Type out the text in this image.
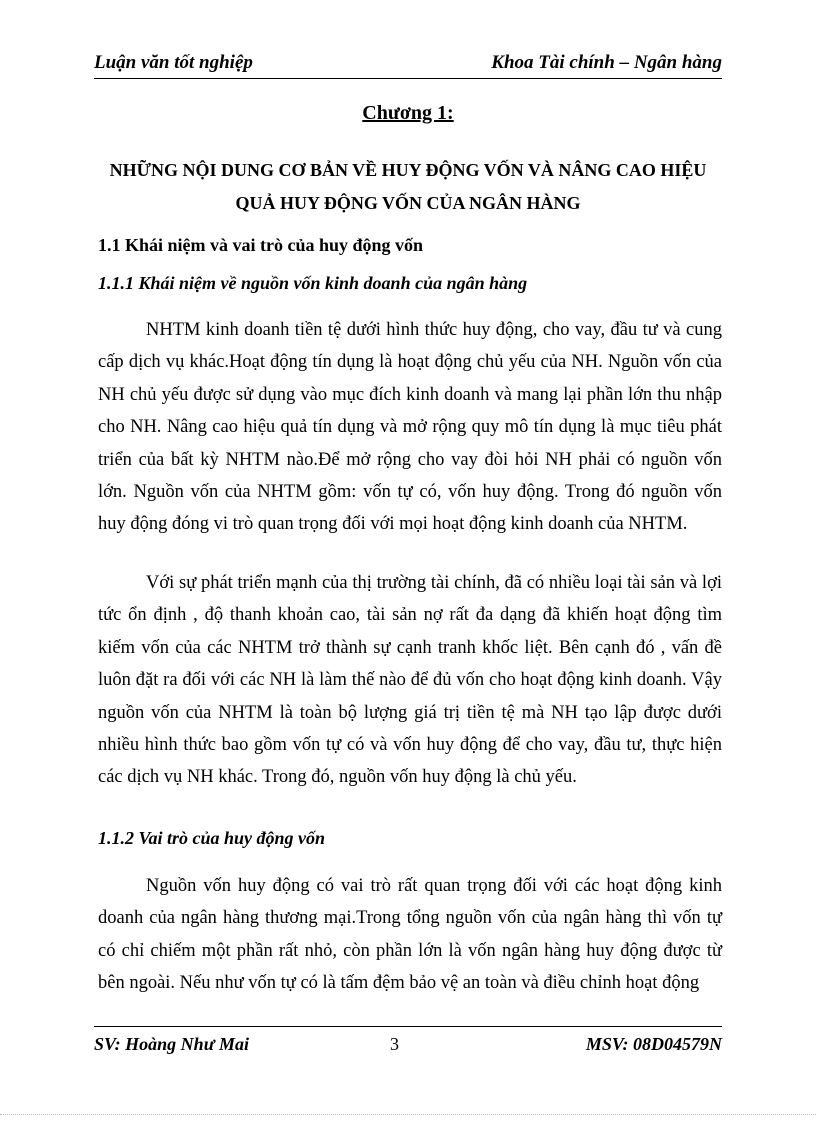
Luận văn tốt nghiệp	Khoa Tài chính – Ngân hàng
Chương 1:
NHỮNG NỘI DUNG CƠ BẢN VỀ HUY ĐỘNG VỐN VÀ NÂNG CAO HIỆU QUẢ HUY ĐỘNG VỐN CỦA NGÂN HÀNG
1.1 Khái niệm và vai trò của huy động vốn
1.1.1 Khái niệm về nguồn vốn kinh doanh của ngân hàng

NHTM kinh doanh tiền tệ dưới hình thức huy động, cho vay, đầu tư và cung cấp dịch vụ khác.Hoạt động tín dụng là hoạt động chủ yếu của NH. Nguồn vốn của NH chủ yếu được sử dụng vào mục đích kinh doanh và mang lại phần lớn thu nhập cho NH. Nâng cao hiệu quả tín dụng và mở rộng quy mô tín dụng là mục tiêu phát triển của bất kỳ NHTM nào.Để mở rộng cho vay đòi hỏi NH phải có nguồn vốn lớn. Nguồn vốn của NHTM gồm: vốn tự có, vốn huy động. Trong đó nguồn vốn huy động đóng vi trò quan trọng đối với mọi hoạt động kinh doanh của NHTM.

Với sự phát triển mạnh của thị trường tài chính, đã có nhiều loại tài sản và lợi tức ổn định , độ thanh khoản cao, tài sản nợ rất đa dạng đã khiến hoạt động tìm kiếm vốn của các NHTM trở thành sự cạnh tranh khốc liệt. Bên cạnh đó , vấn đề luôn đặt ra đối với các NH là làm thế nào để đủ vốn cho hoạt động kinh doanh. Vậy nguồn vốn của NHTM là toàn bộ lượng giá trị tiền tệ mà NH tạo lập được dưới nhiều hình thức bao gồm vốn tự có và vốn huy động để cho vay, đầu tư, thực hiện các dịch vụ NH khác. Trong đó, nguồn vốn huy động là chủ yếu.

1.1.2 Vai trò của huy động vốn

Nguồn vốn huy động có vai trò rất quan trọng đối với các hoạt động kinh doanh của ngân hàng thương mại.Trong tổng nguồn vốn của ngân hàng thì vốn tự có chỉ chiếm một phần rất nhỏ, còn phần lớn là vốn ngân hàng huy động được từ bên ngoài. Nếu như vốn tự có là tấm đệm bảo vệ an toàn và điều chỉnh hoạt động

SV: Hoàng Như Mai	3	MSV: 08D04579N
